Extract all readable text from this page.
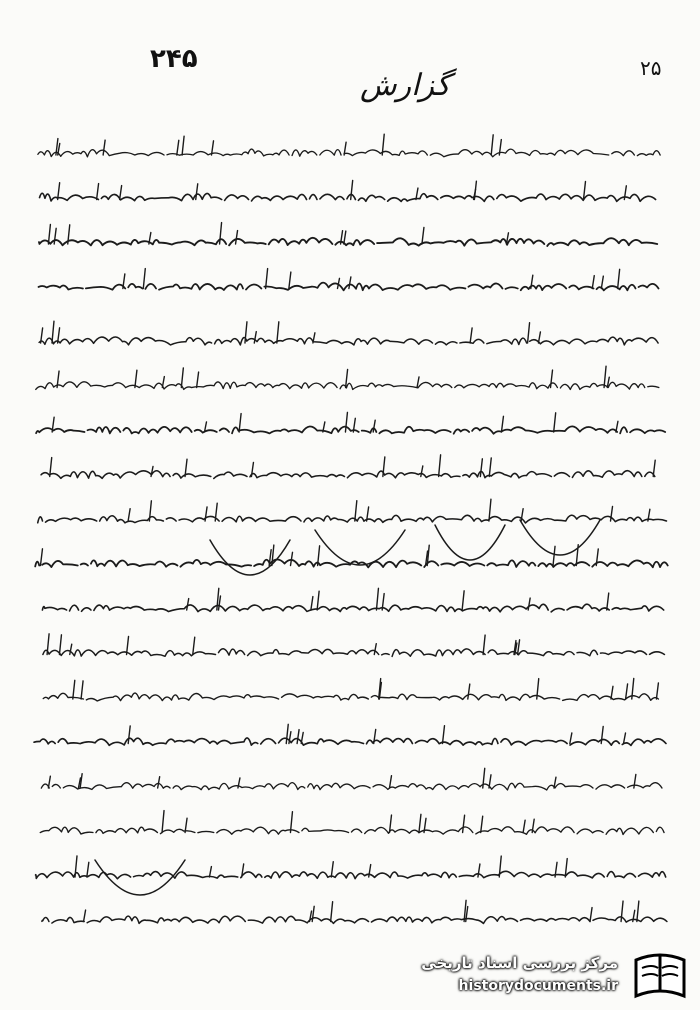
۲۴۵	۲۵
گزارش
مرکز بررسی اسناد تاریخی
historydocuments.ir
